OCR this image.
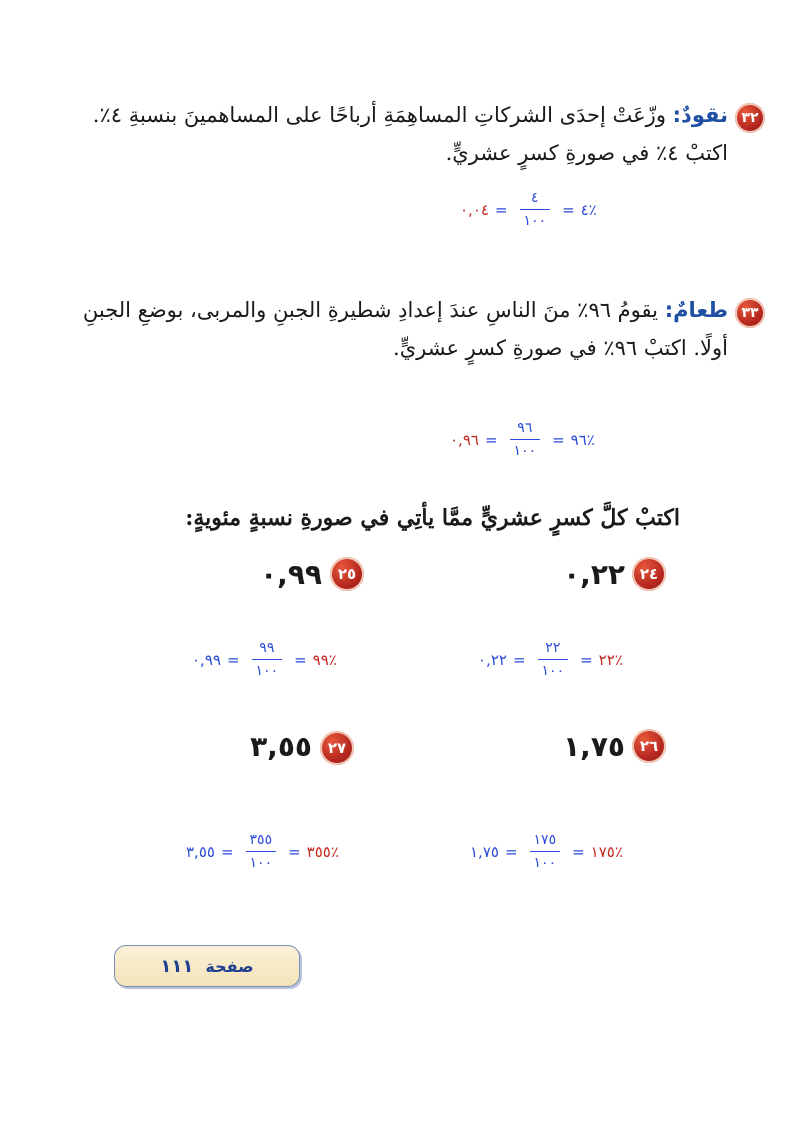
٣٢
نقودٌ: وزّعَتْ إحدَى الشركاتِ المساهِمَةِ أرباحًا على المساهمينَ بنسبةِ ٤٪. اكتبْ ٤٪ في صورةِ كسرٍ عشريٍّ.
٪٤
=
$\frac{٤}{١٠٠}$
=
٠,٠٤
٣٣
طعامٌ: يقومُ ٩٦٪ منَ الناسِ عندَ إعدادِ شطيرةِ الجبنِ والمربى، بوضعِ الجبنِ أولًا. اكتبْ ٩٦٪ في صورةِ كسرٍ عشريٍّ.
٪٩٦
=
$\frac{٩٦}{١٠٠}$
=
٠,٩٦
اكتبْ كلَّ كسرٍ عشريٍّ ممَّا يأتِي في صورةِ نسبةٍ مئويةٍ:
٢٤
٠,٢٢
٪٢٢
=
$\frac{٢٢}{١٠٠}$
=
٠,٢٢
٢٥
٠,٩٩
٪٩٩
=
$\frac{٩٩}{١٠٠}$
=
٠,٩٩
٢٦
١,٧٥
٪١٧٥
=
$\frac{١٧٥}{١٠٠}$
=
١,٧٥
٢٧
٣,٥٥
٪٣٥٥
=
$\frac{٣٥٥}{١٠٠}$
=
٣,٥٥
صفحة
١١١
